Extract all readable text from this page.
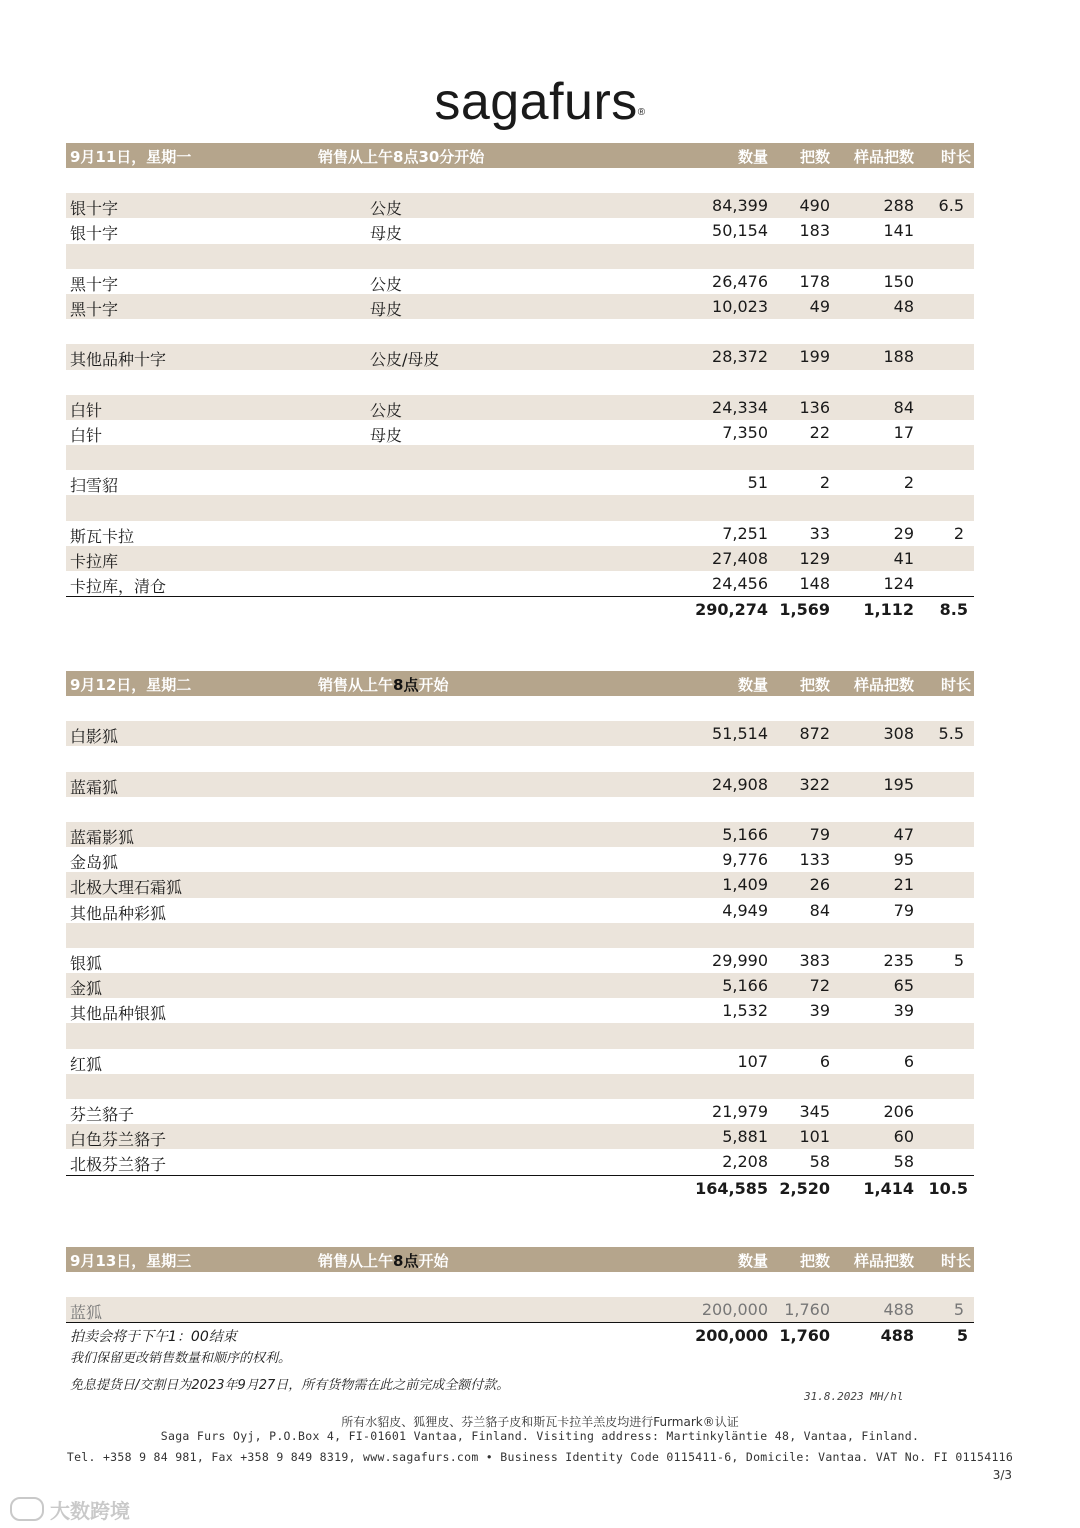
sagafurs®
9月11日，星期一	销售从上午8点30分开始	数量 把数 样品把数 时长
银十字	公皮	84,399 490	288 6.5
银十字	母皮	50,154 183	141
黑十字	公皮	26,476 178	150
黑十字	母皮	10,023	49	48
其他品种十字	公皮/母皮	28,372 199	188
白针	公皮	24,334 136	84
白针	母皮	7,350	22	17
扫雪貂	51	2	2
斯瓦卡拉	7,251	33	29 2
卡拉库	27,408 129	41
卡拉库，清仓	24,456 148	124
290,274 1,569 1,112 8.5
9月12日，星期二	销售从上午8点开始	数量 把数 样品把数 时长
白影狐	51,514 872	308 5.5
蓝霜狐	24,908 322	195
蓝霜影狐	5,166	79	47
金岛狐	9,776 133	95
北极大理石霜狐	1,409	26	21
其他品种彩狐	4,949	84	79
银狐	29,990 383	235 5
金狐	5,166	72	65
其他品种银狐	1,532	39	39
红狐	107	6	6
芬兰貉子	21,979 345	206
白色芬兰貉子	5,881 101	60
北极芬兰貉子	2,208	58	58
164,585 2,520 1,414 10.5
9月13日，星期三	销售从上午8点开始	数量 把数 样品把数 时长
蓝狐	200,000 1,760	488 5
拍卖会将于下午1：00结束	200,000 1,760	488	5
我们保留更改销售数量和顺序的权利。
免息提货日/交割日为2023年9月27日，所有货物需在此之前完成全额付款。
31.8.2023 MH/hl
所有水貂皮、狐狸皮、芬兰貉子皮和斯瓦卡拉羊羔皮均进行Furmark®认证
Saga Furs Oyj, P.O.Box 4, FI-01601 Vantaa, Finland. Visiting address: Martinkyläntie 48, Vantaa, Finland.
Tel. +358 9 84 981, Fax +358 9 849 8319, www.sagafurs.com • Business Identity Code 0115411-6, Domicile: Vantaa. VAT No. FI 01154116
3/3
大数跨境
